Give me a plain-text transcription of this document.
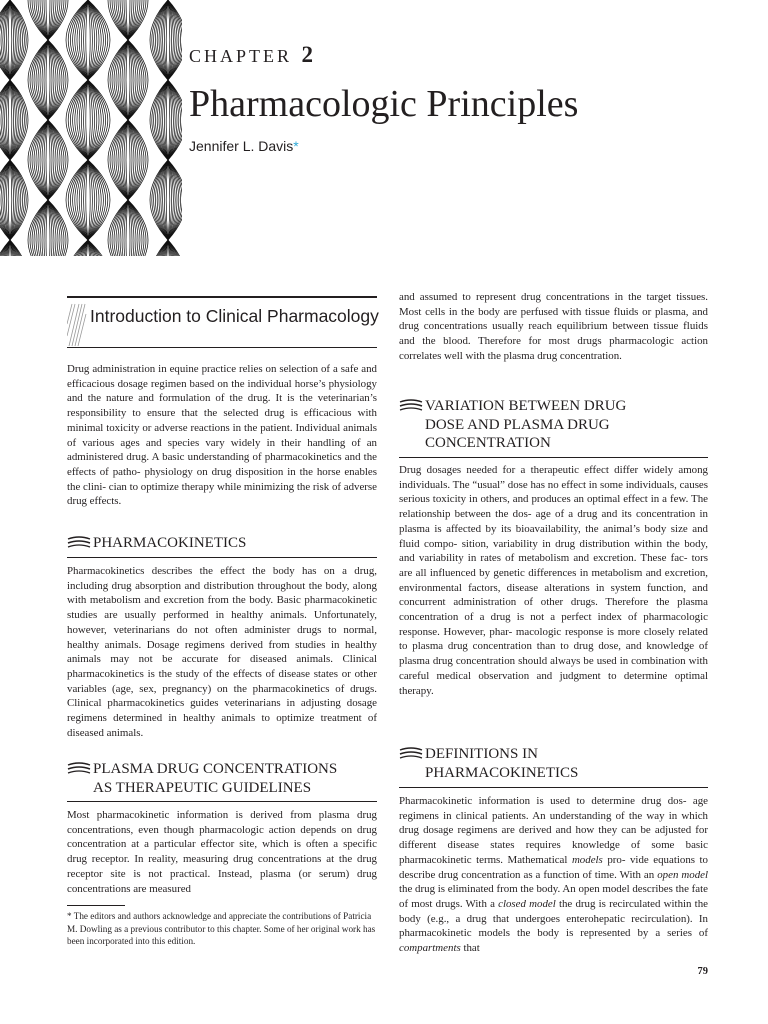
CHAPTER 2
Pharmacologic Principles
Jennifer L. Davis*
Introduction to Clinical Pharmacology

Drug administration in equine practice relies on selection of a safe and efficacious dosage regimen based on the individual horse’s physiology and the nature and formulation of the drug. It is the veterinarian’s responsibility to ensure that the selected drug is efficacious with minimal toxicity or adverse reactions in the patient. Individual animals of various ages and species vary widely in their handling of an administered drug. A basic understanding of pharmacokinetics and the effects of patho- physiology on drug disposition in the horse enables the clini- cian to optimize therapy while minimizing the risk of adverse drug effects.

PHARMACOKINETICS

Pharmacokinetics describes the effect the body has on a drug, including drug absorption and distribution throughout the body, along with metabolism and excretion from the body. Basic pharmacokinetic studies are usually performed in healthy animals. Unfortunately, however, veterinarians do not often administer drugs to normal, healthy animals. Dosage regimens derived from studies in healthy animals may not be accurate for diseased animals. Clinical pharmacokinetics is the study of the effects of disease states or other variables (age, sex, pregnancy) on the pharmacokinetics of drugs. Clinical pharmacokinetics guides veterinarians in adjusting dosage regimens determined in healthy animals to optimize treatment of diseased animals.

PLASMA DRUG CONCENTRATIONS
AS THERAPEUTIC GUIDELINES

Most pharmacokinetic information is derived from plasma drug concentrations, even though pharmacologic action depends on drug concentration at a particular effector site, which is often a specific drug receptor. In reality, measuring drug concentrations at the drug receptor site is not practical. Instead, plasma (or serum) drug concentrations are measured

* The editors and authors acknowledge and appreciate the contributions of Patricia M. Dowling as a previous contributor to this chapter. Some of her original work has been incorporated into this edition.

and assumed to represent drug concentrations in the target tissues. Most cells in the body are perfused with tissue fluids or plasma, and drug concentrations usually reach equilibrium between tissue fluids and the blood. Therefore for most drugs pharmacologic action correlates well with the plasma drug concentration.

VARIATION BETWEEN DRUG
DOSE AND PLASMA DRUG
CONCENTRATION

Drug dosages needed for a therapeutic effect differ widely among individuals. The “usual” dose has no effect in some individuals, causes serious toxicity in others, and produces an optimal effect in a few. The relationship between the dos- age of a drug and its concentration in plasma is affected by its bioavailability, the animal’s body size and fluid compo- sition, variability in drug distribution within the body, and variability in rates of metabolism and excretion. These fac- tors are all influenced by genetic differences in metabolism and excretion, environmental factors, disease alterations in system function, and concurrent administration of other drugs. Therefore the plasma concentration of a drug is not a perfect index of pharmacologic response. However, phar- macologic response is more closely related to plasma drug concentration than to drug dose, and knowledge of plasma drug concentration should always be used in combination with careful medical observation and judgment to determine optimal therapy.

DEFINITIONS IN
PHARMACOKINETICS

Pharmacokinetic information is used to determine drug dos- age regimens in clinical patients. An understanding of the way in which drug dosage regimens are derived and how they can be adjusted for different disease states requires knowledge of some basic pharmacokinetic terms. Mathematical models pro- vide equations to describe drug concentration as a function of time. With an open model the drug is eliminated from the body. An open model describes the fate of most drugs. With a closed model the drug is recirculated within the body (e.g., a drug that undergoes enterohepatic recirculation). In pharmacokinetic models the body is represented by a series of compartments that

79
